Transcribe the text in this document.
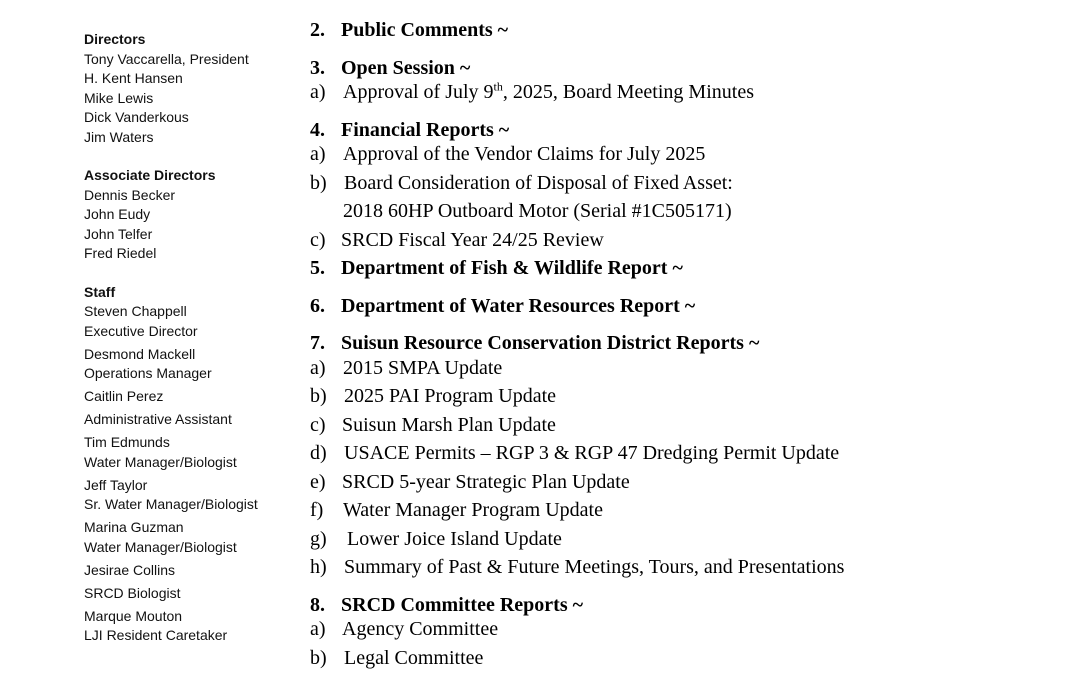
Directors
Tony Vaccarella, President
H. Kent Hansen
Mike Lewis
Dick Vanderkous
Jim Waters
Associate Directors
Dennis Becker
John Eudy
John Telfer
Fred Riedel
Staff
Steven Chappell
Executive Director
Desmond Mackell
Operations Manager
Caitlin Perez
Administrative Assistant
Tim Edmunds
Water Manager/Biologist
Jeff Taylor
Sr. Water Manager/Biologist
Marina Guzman
Water Manager/Biologist
Jesirae Collins
SRCD Biologist
Marque Mouton
LJI Resident Caretaker
2. Public Comments ~
3. Open Session ~
a) Approval of July 9th, 2025, Board Meeting Minutes
4. Financial Reports ~
a) Approval of the Vendor Claims for July 2025
b) Board Consideration of Disposal of Fixed Asset:
2018 60HP Outboard Motor (Serial #1C505171)
c) SRCD Fiscal Year 24/25 Review
5. Department of Fish & Wildlife Report ~
6. Department of Water Resources Report ~
7. Suisun Resource Conservation District Reports ~
a) 2015 SMPA Update
b) 2025 PAI Program Update
c) Suisun Marsh Plan Update
d) USACE Permits – RGP 3 & RGP 47 Dredging Permit Update
e) SRCD 5-year Strategic Plan Update
f) Water Manager Program Update
g) Lower Joice Island Update
h) Summary of Past & Future Meetings, Tours, and Presentations
8. SRCD Committee Reports ~
a) Agency Committee
b) Legal Committee
